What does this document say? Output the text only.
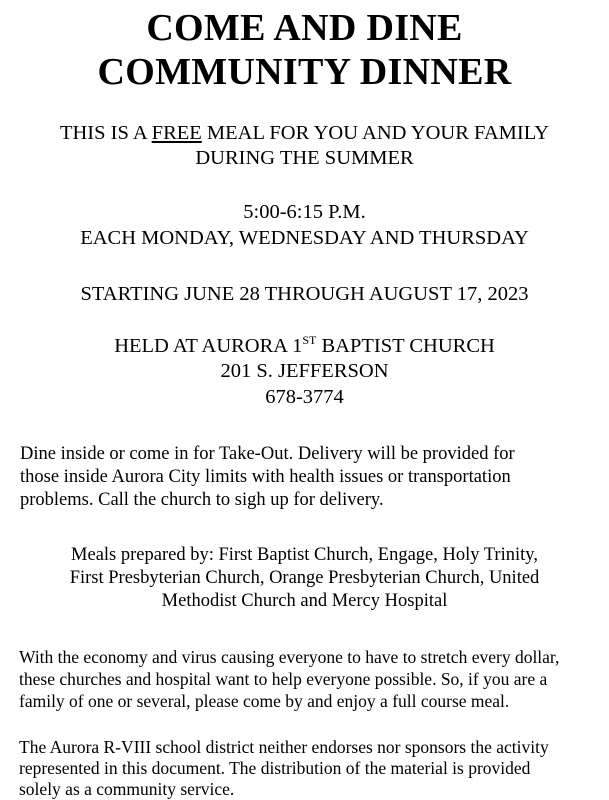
COME AND DINE
COMMUNITY DINNER
THIS IS A FREE MEAL FOR YOU AND YOUR FAMILY
DURING THE SUMMER
5:00-6:15 P.M.
EACH MONDAY, WEDNESDAY AND THURSDAY
STARTING JUNE 28 THROUGH AUGUST 17, 2023
HELD AT AURORA 1ST BAPTIST CHURCH
201 S. JEFFERSON
678-3774
Dine inside or come in for Take-Out. Delivery will be provided for
those inside Aurora City limits with health issues or transportation
problems. Call the church to sigh up for delivery.
Meals prepared by: First Baptist Church, Engage, Holy Trinity,
First Presbyterian Church, Orange Presbyterian Church, United
Methodist Church and Mercy Hospital
With the economy and virus causing everyone to have to stretch every dollar,
these churches and hospital want to help everyone possible. So, if you are a
family of one or several, please come by and enjoy a full course meal.
The Aurora R-VIII school district neither endorses nor sponsors the activity
represented in this document. The distribution of the material is provided
solely as a community service.
